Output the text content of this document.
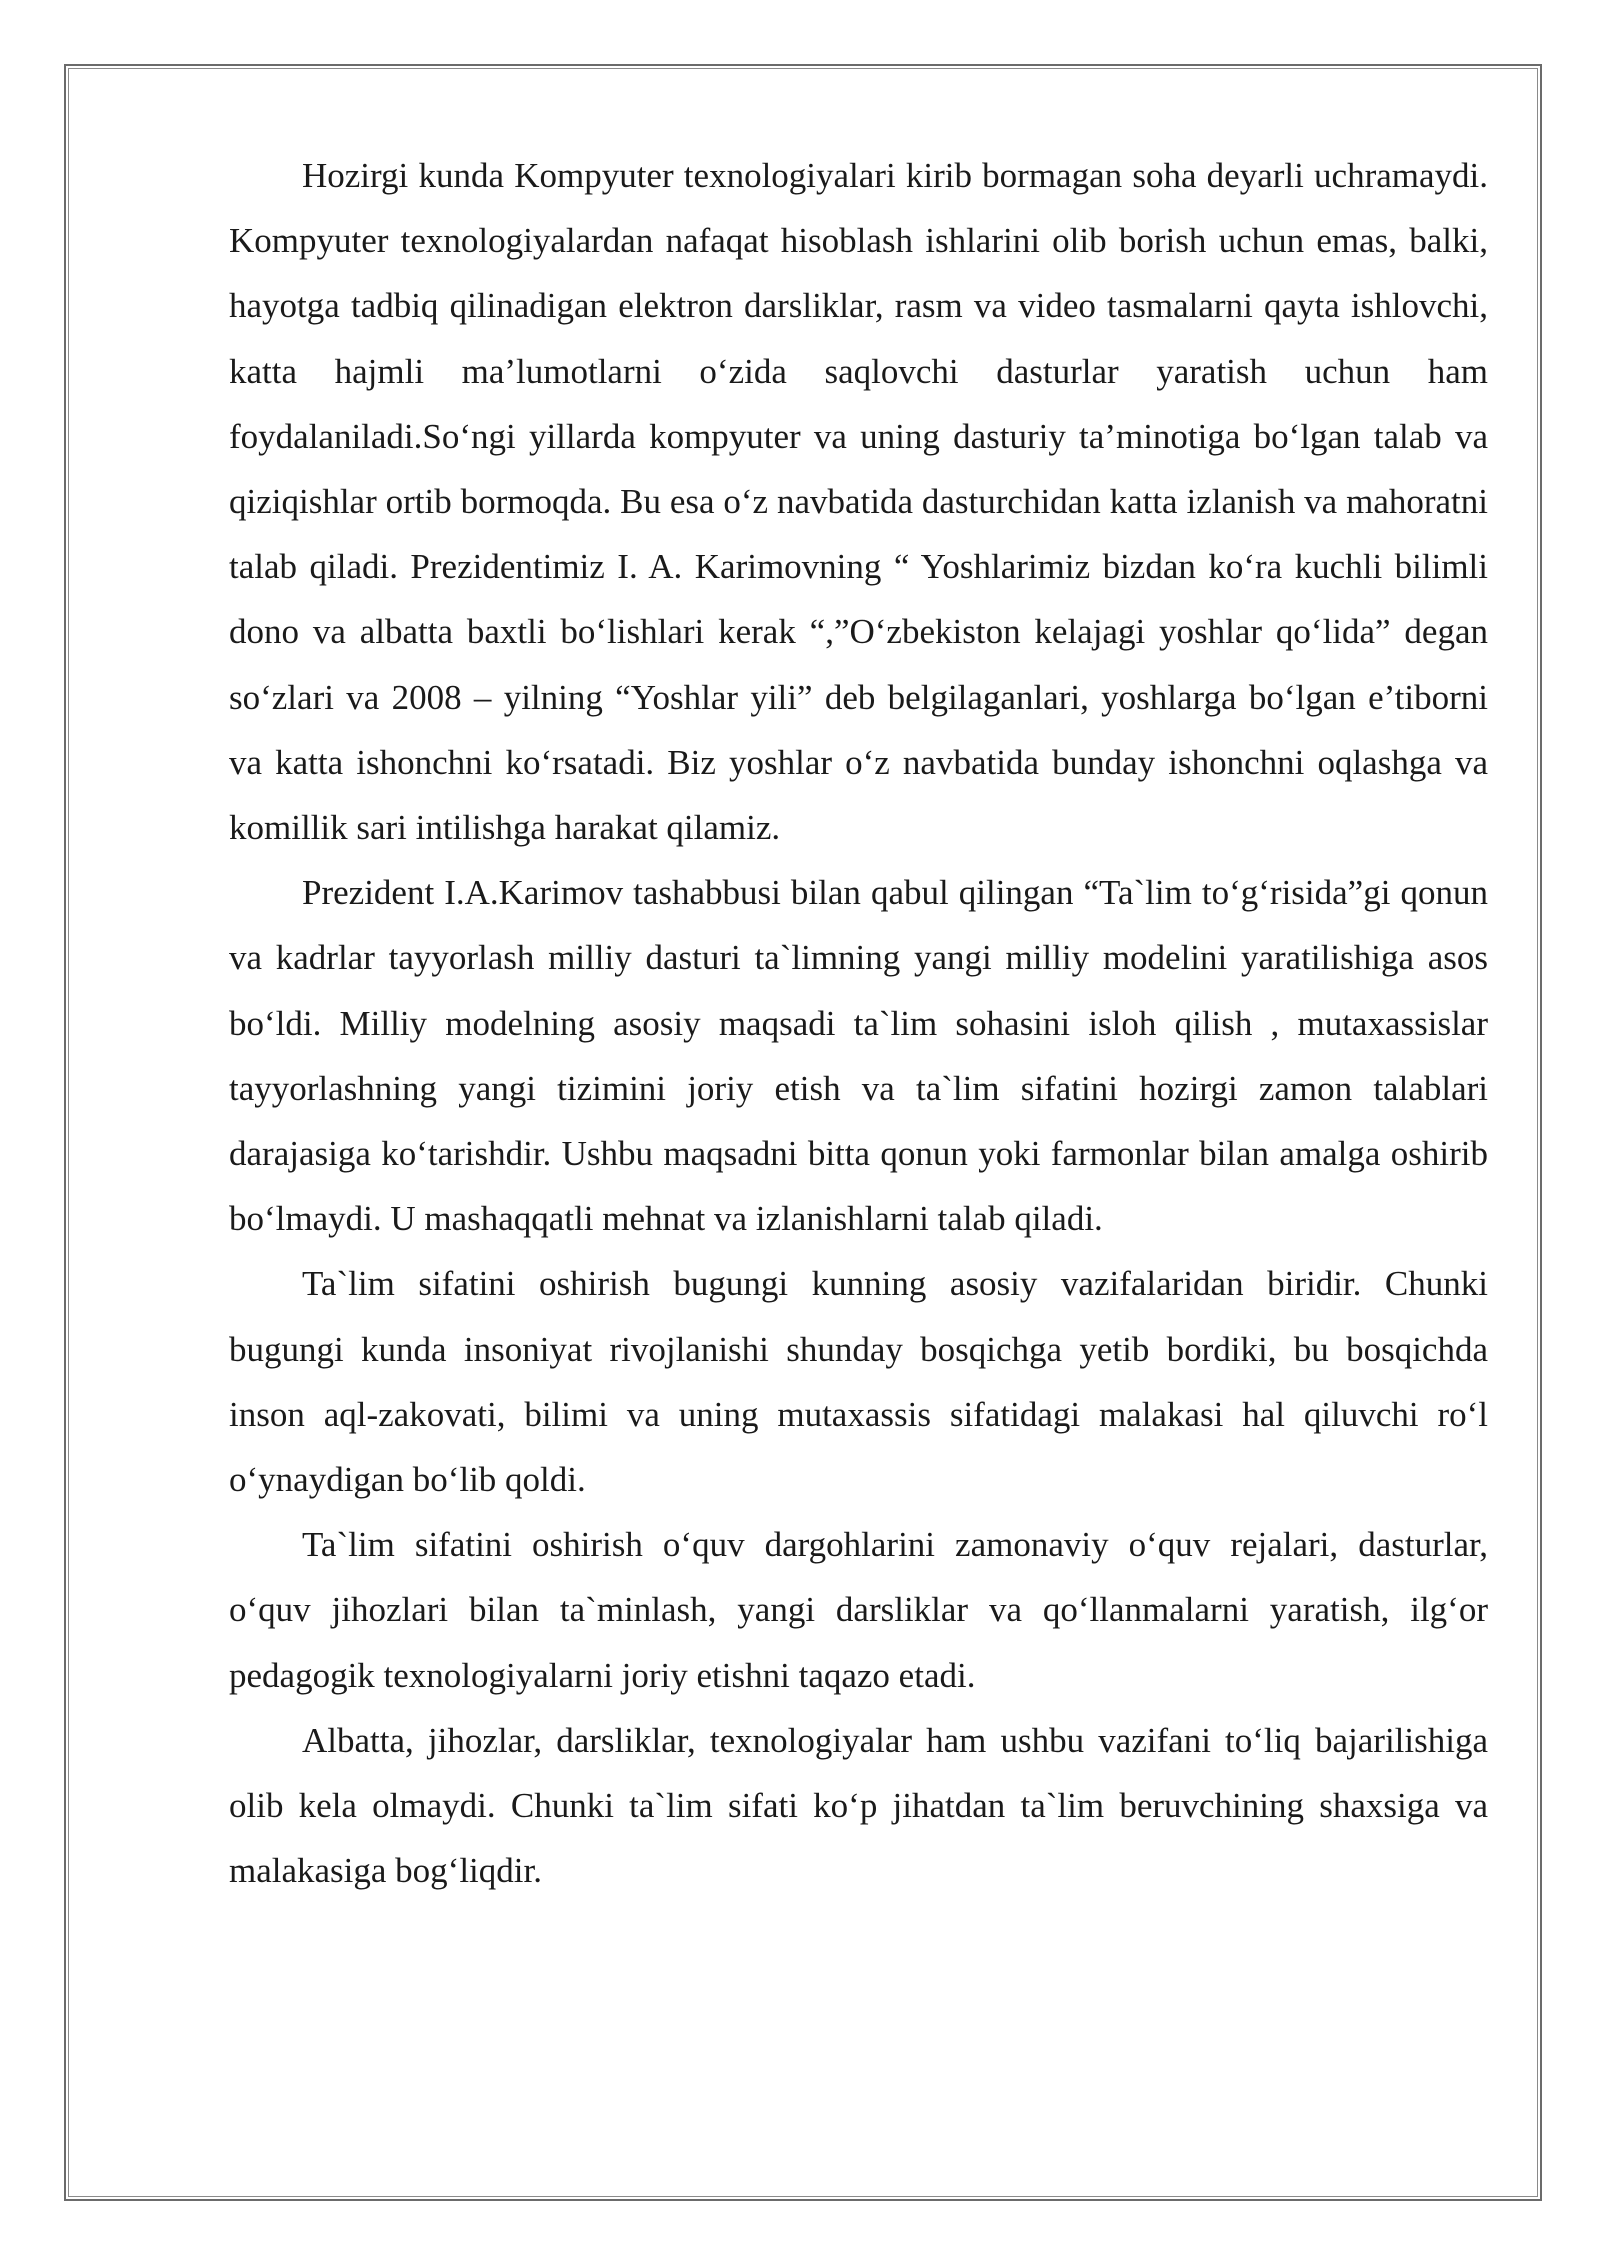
Hozirgi kunda Kompyuter texnologiyalari kirib bormagan soha deyarli uchramaydi. Kompyuter texnologiyalardan nafaqat hisoblash ishlarini olib borish uchun emas, balki, hayotga tadbiq qilinadigan elektron darsliklar, rasm va video tasmalarni qayta ishlovchi, katta hajmli ma’lumotlarni o‘zida saqlovchi dasturlar yaratish uchun ham foydalaniladi.So‘ngi yillarda kompyuter va uning dasturiy ta’minotiga bo‘lgan talab va qiziqishlar ortib bormoqda. Bu esa o‘z navbatida dasturchidan katta izlanish va mahoratni talab qiladi. Prezidentimiz I. A. Karimovning “ Yoshlarimiz bizdan ko‘ra kuchli bilimli dono va albatta baxtli bo‘lishlari kerak “,”O‘zbekiston kelajagi yoshlar qo‘lida” degan so‘zlari va 2008 – yilning “Yoshlar yili” deb belgilaganlari, yoshlarga bo‘lgan e’tiborni va katta ishonchni ko‘rsatadi. Biz yoshlar o‘z navbatida bunday ishonchni oqlashga va komillik sari intilishga harakat qilamiz.

Prezident I.A.Karimov tashabbusi bilan qabul qilingan “Ta`lim to‘g‘risida”gi qonun va kadrlar tayyorlash milliy dasturi ta`limning yangi milliy modelini yaratilishiga asos bo‘ldi. Milliy modelning asosiy maqsadi ta`lim sohasini isloh qilish , mutaxassislar tayyorlashning yangi tizimini joriy etish va ta`lim sifatini hozirgi zamon talablari darajasiga ko‘tarishdir. Ushbu maqsadni bitta qonun yoki farmonlar bilan amalga oshirib bo‘lmaydi. U mashaqqatli mehnat va izlanishlarni talab qiladi.

Ta`lim sifatini oshirish bugungi kunning asosiy vazifalaridan biridir. Chunki bugungi kunda insoniyat rivojlanishi shunday bosqichga yetib bordiki, bu bosqichda inson aql-zakovati, bilimi va uning mutaxassis sifatidagi malakasi hal qiluvchi ro‘l o‘ynaydigan bo‘lib qoldi.

Ta`lim sifatini oshirish o‘quv dargohlarini zamonaviy o‘quv rejalari, dasturlar, o‘quv jihozlari bilan ta`minlash, yangi darsliklar va qo‘llanmalarni yaratish, ilg‘or pedagogik texnologiyalarni joriy etishni taqazo etadi.

Albatta, jihozlar, darsliklar, texnologiyalar ham ushbu vazifani to‘liq bajarilishiga olib kela olmaydi. Chunki ta`lim sifati ko‘p jihatdan ta`lim beruvchining shaxsiga va malakasiga bog‘liqdir.
